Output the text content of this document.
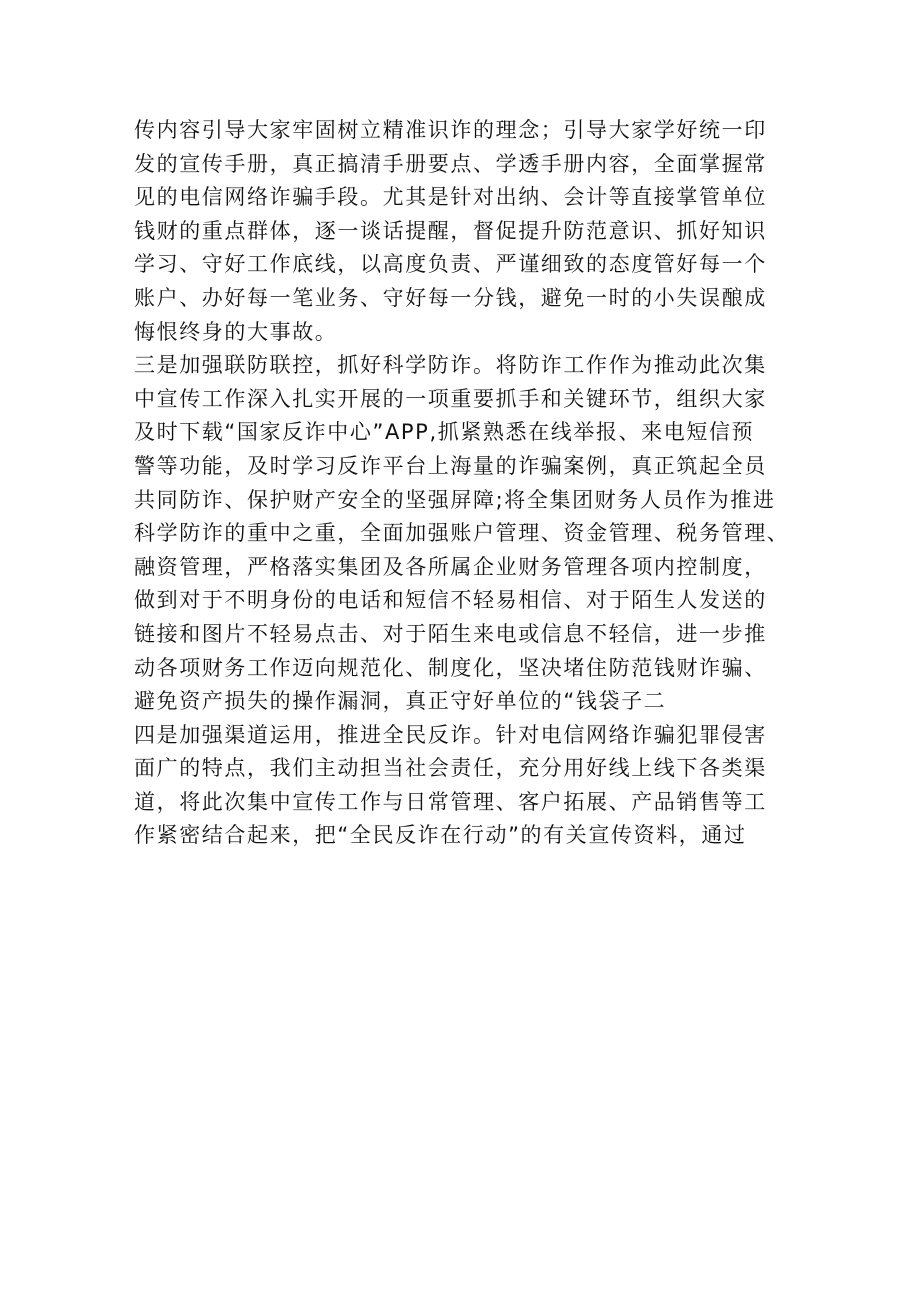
传内容引导大家牢固树立精准识诈的理念；引导大家学好统一印
发的宣传手册，真正搞清手册要点、学透手册内容，全面掌握常
见的电信网络诈骗手段。尤其是针对出纳、会计等直接掌管单位
钱财的重点群体，逐一谈话提醒，督促提升防范意识、抓好知识
学习、守好工作底线，以高度负责、严谨细致的态度管好每一个
账户、办好每一笔业务、守好每一分钱，避免一时的小失误酿成
悔恨终身的大事故。
三是加强联防联控，抓好科学防诈。将防诈工作作为推动此次集
中宣传工作深入扎实开展的一项重要抓手和关键环节，组织大家
及时下载“国家反诈中心”APP,抓紧熟悉在线举报、来电短信预
警等功能，及时学习反诈平台上海量的诈骗案例，真正筑起全员
共同防诈、保护财产安全的坚强屏障;将全集团财务人员作为推进
科学防诈的重中之重，全面加强账户管理、资金管理、税务管理、
融资管理，严格落实集团及各所属企业财务管理各项内控制度，
做到对于不明身份的电话和短信不轻易相信、对于陌生人发送的
链接和图片不轻易点击、对于陌生来电或信息不轻信，进一步推
动各项财务工作迈向规范化、制度化，坚决堵住防范钱财诈骗、
避免资产损失的操作漏洞，真正守好单位的“钱袋子二
四是加强渠道运用，推进全民反诈。针对电信网络诈骗犯罪侵害
面广的特点，我们主动担当社会责任，充分用好线上线下各类渠
道，将此次集中宣传工作与日常管理、客户拓展、产品销售等工
作紧密结合起来，把“全民反诈在行动”的有关宣传资料，通过
